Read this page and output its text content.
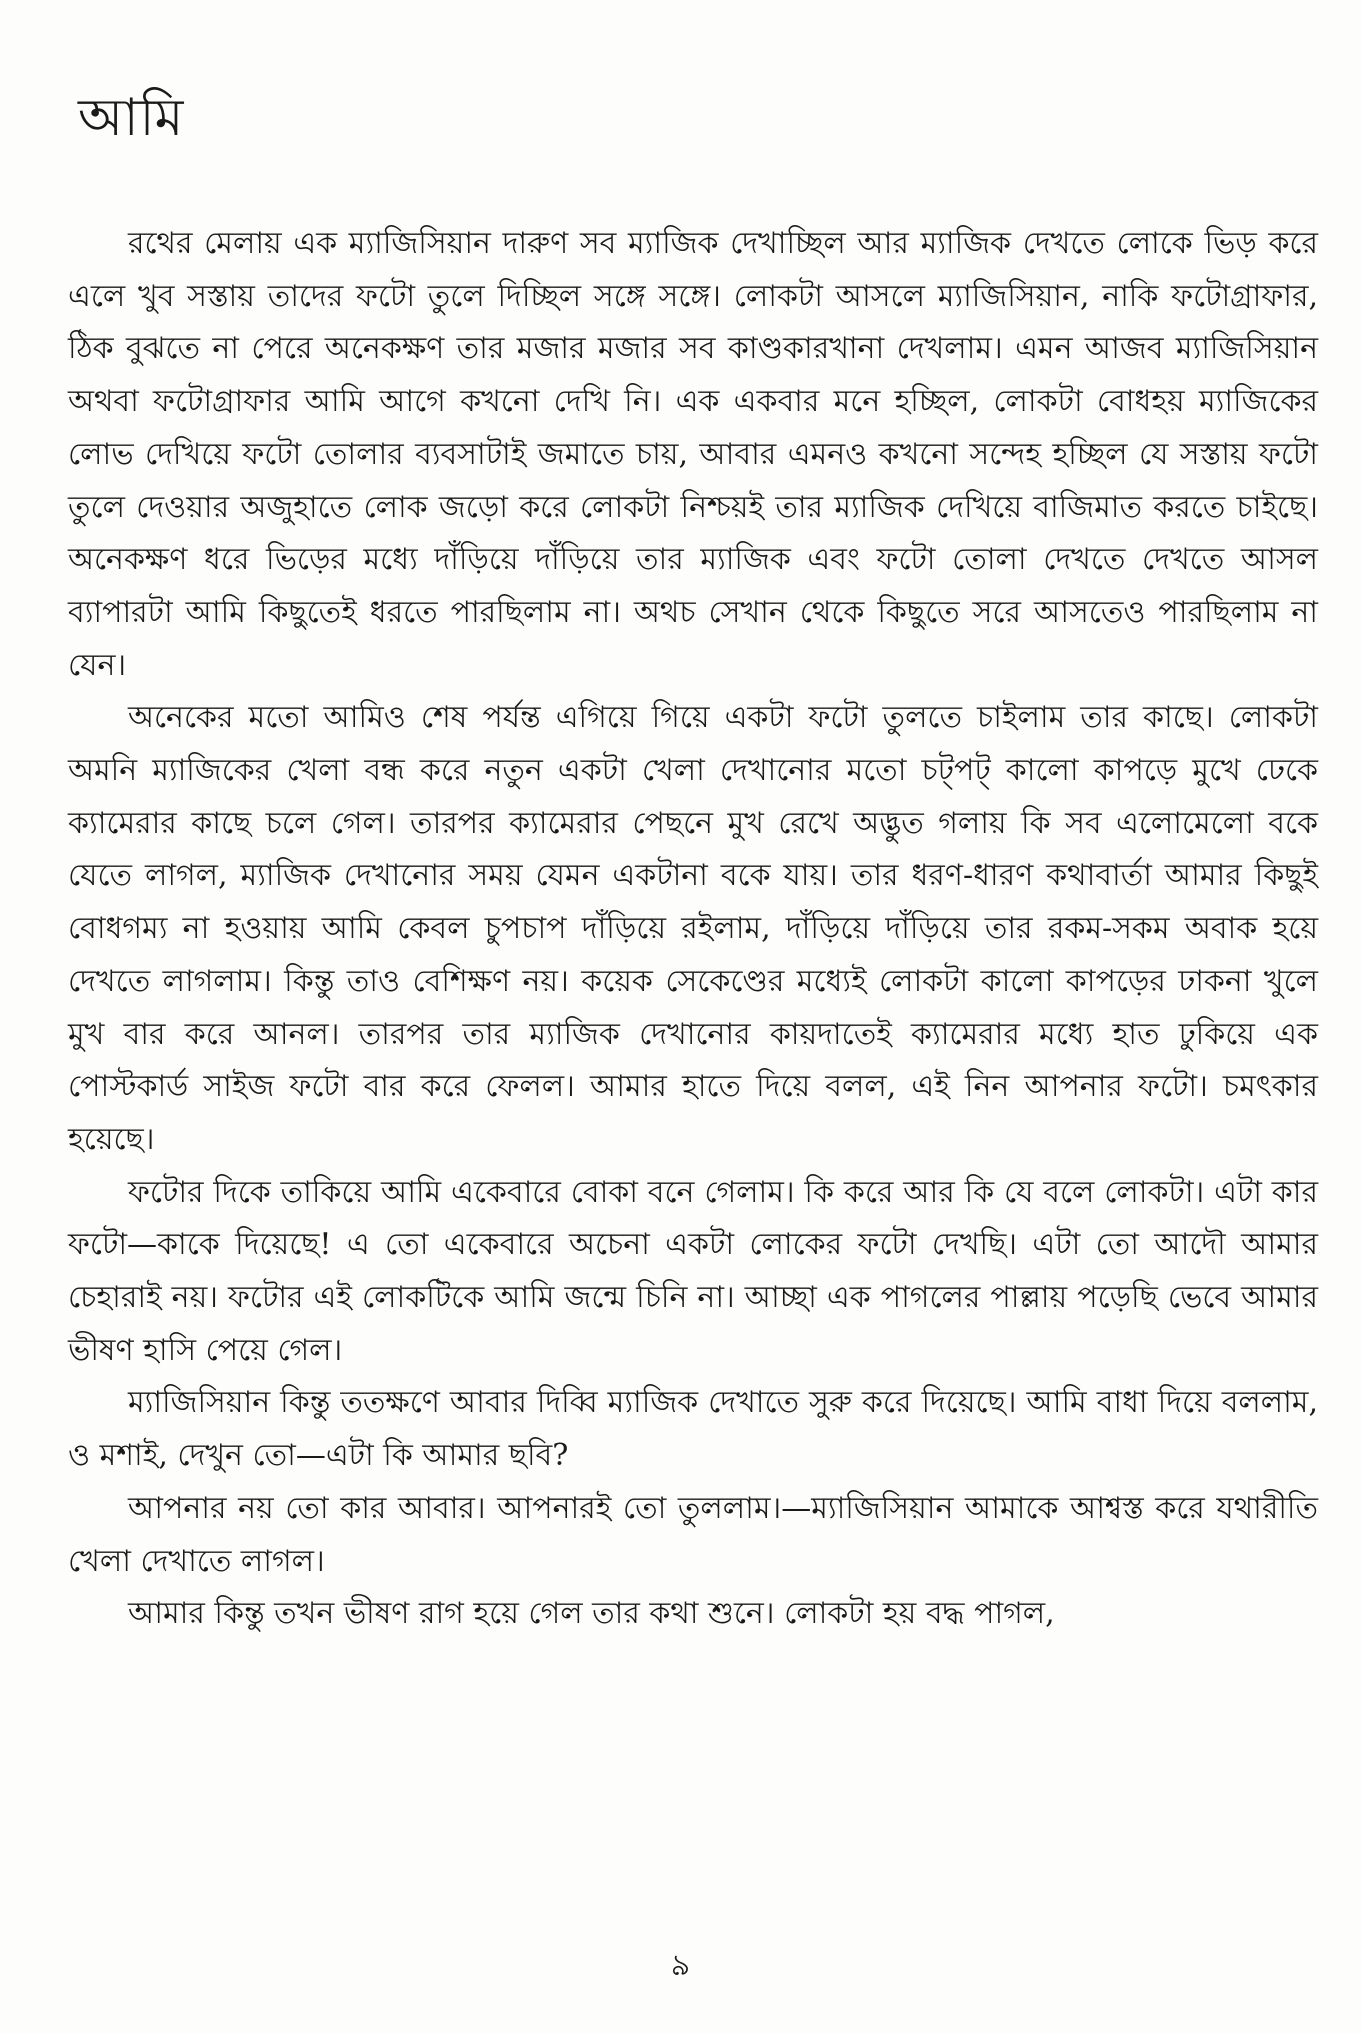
আমি

রথের মেলায় এক ম্যাজিসিয়ান দারুণ সব ম্যাজিক দেখাচ্ছিল আর ম্যাজিক দেখতে লোকে ভিড় করে এলে খুব সস্তায় তাদের ফটো তুলে দিচ্ছিল সঙ্গে সঙ্গে। লোকটা আসলে ম্যাজিসিয়ান, নাকি ফটোগ্রাফার, ঠিক বুঝতে না পেরে অনেকক্ষণ তার মজার মজার সব কাণ্ডকারখানা দেখলাম। এমন আজব ম্যাজিসিয়ান অথবা ফটোগ্রাফার আমি আগে কখনো দেখি নি। এক একবার মনে হচ্ছিল, লোকটা বোধহয় ম্যাজিকের লোভ দেখিয়ে ফটো তোলার ব্যবসাটাই জমাতে চায়, আবার এমনও কখনো সন্দেহ হচ্ছিল যে সস্তায় ফটো তুলে দেওয়ার অজুহাতে লোক জড়ো করে লোকটা নিশ্চয়ই তার ম্যাজিক দেখিয়ে বাজিমাত করতে চাইছে। অনেকক্ষণ ধরে ভিড়ের মধ্যে দাঁড়িয়ে দাঁড়িয়ে তার ম্যাজিক এবং ফটো তোলা দেখতে দেখতে আসল ব্যাপারটা আমি কিছুতেই ধরতে পারছিলাম না। অথচ সেখান থেকে কিছুতে সরে আসতেও পারছিলাম না যেন।

অনেকের মতো আমিও শেষ পর্যন্ত এগিয়ে গিয়ে একটা ফটো তুলতে চাইলাম তার কাছে। লোকটা অমনি ম্যাজিকের খেলা বন্ধ করে নতুন একটা খেলা দেখানোর মতো চট্‌পট্ কালো কাপড়ে মুখে ঢেকে ক্যামেরার কাছে চলে গেল। তারপর ক্যামেরার পেছনে মুখ রেখে অদ্ভুত গলায় কি সব এলোমেলো বকে যেতে লাগল, ম্যাজিক দেখানোর সময় যেমন একটানা বকে যায়। তার ধরণ-ধারণ কথাবার্তা আমার কিছুই বোধগম্য না হওয়ায় আমি কেবল চুপচাপ দাঁড়িয়ে রইলাম, দাঁড়িয়ে দাঁড়িয়ে তার রকম-সকম অবাক হয়ে দেখতে লাগলাম। কিন্তু তাও বেশিক্ষণ নয়। কয়েক সেকেণ্ডের মধ্যেই লোকটা কালো কাপড়ের ঢাকনা খুলে মুখ বার করে আনল। তারপর তার ম্যাজিক দেখানোর কায়দাতেই ক্যামেরার মধ্যে হাত ঢুকিয়ে এক পোস্টকার্ড সাইজ ফটো বার করে ফেলল। আমার হাতে দিয়ে বলল, এই নিন আপনার ফটো। চমৎকার হয়েছে।

ফটোর দিকে তাকিয়ে আমি একেবারে বোকা বনে গেলাম। কি করে আর কি যে বলে লোকটা। এটা কার ফটো—কাকে দিয়েছে! এ তো একেবারে অচেনা একটা লোকের ফটো দেখছি। এটা তো আদৌ আমার চেহারাই নয়। ফটোর এই লোকটিকে আমি জন্মে চিনি না। আচ্ছা এক পাগলের পাল্লায় পড়েছি ভেবে আমার ভীষণ হাসি পেয়ে গেল।

ম্যাজিসিয়ান কিন্তু ততক্ষণে আবার দিব্বি ম্যাজিক দেখাতে সুরু করে দিয়েছে। আমি বাধা দিয়ে বললাম, ও মশাই, দেখুন তো—এটা কি আমার ছবি?

আপনার নয় তো কার আবার। আপনারই তো তুললাম।—ম্যাজিসিয়ান আমাকে আশ্বস্ত করে যথারীতি খেলা দেখাতে লাগল।

আমার কিন্তু তখন ভীষণ রাগ হয়ে গেল তার কথা শুনে। লোকটা হয় বদ্ধ পাগল,

৯
